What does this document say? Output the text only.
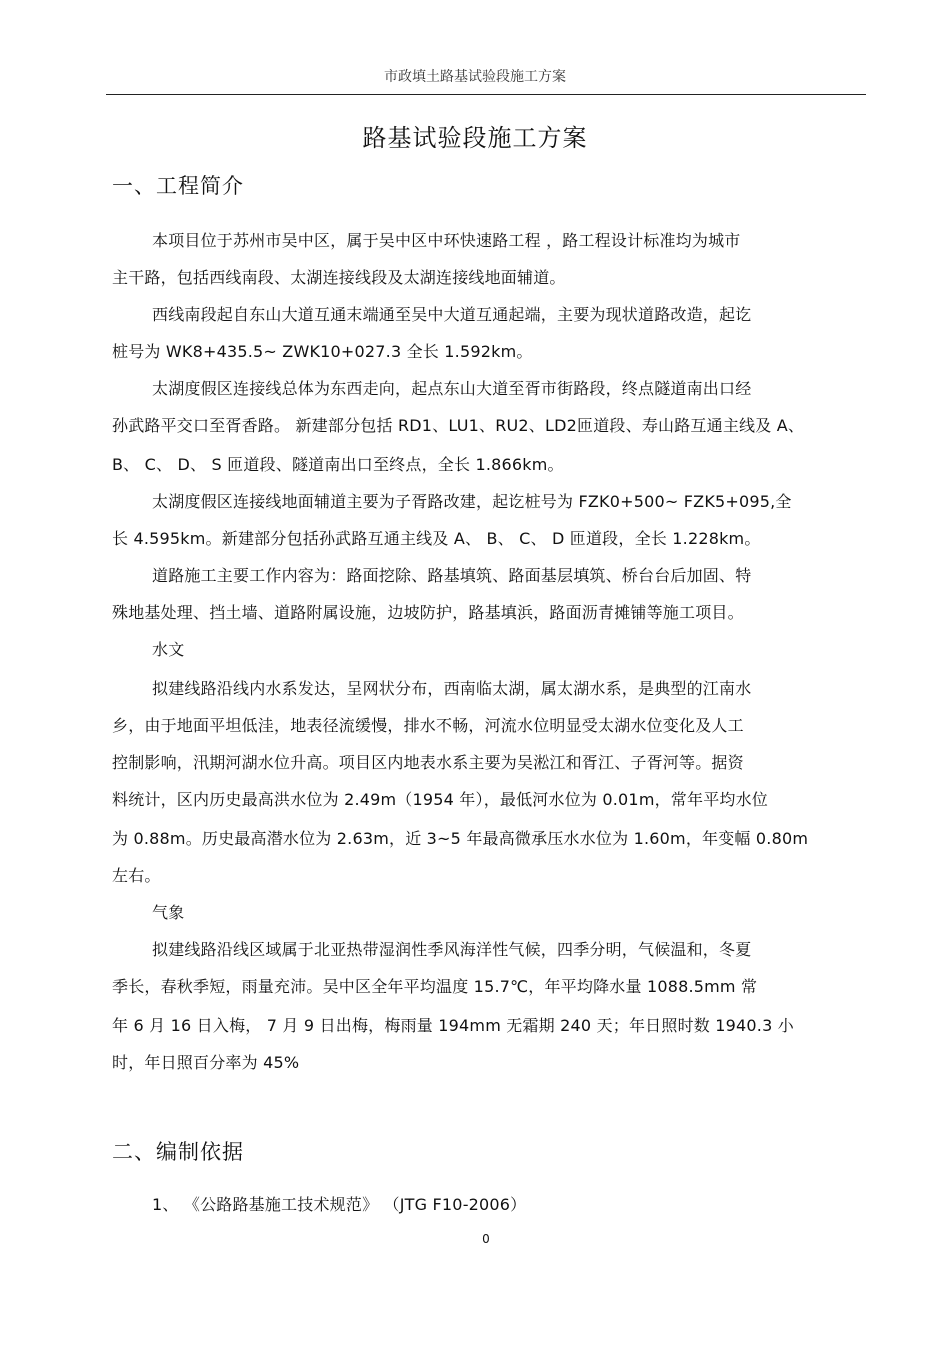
市政填土路基试验段施工方案
路基试验段施工方案
一、工程简介
本项目位于苏州市吴中区，属于吴中区中环快速路工程 ，路工程设计标准均为城市
主干路，包括西线南段、太湖连接线段及太湖连接线地面辅道。
西线南段起自东山大道互通末端通至吴中大道互通起端，主要为现状道路改造，起讫
桩号为 WK8+435.5~ ZWK10+027.3 全长 1.592km。
太湖度假区连接线总体为东西走向，起点东山大道至胥市街路段，终点隧道南出口经
孙武路平交口至胥香路。 新建部分包括 RD1、LU1、RU2、LD2匝道段、寿山路互通主线及 A、
B、 C、 D、 S 匝道段、隧道南出口至终点，全长 1.866km。
太湖度假区连接线地面辅道主要为子胥路改建，起讫桩号为 FZK0+500~ FZK5+095,全
长 4.595km。新建部分包括孙武路互通主线及 A、 B、 C、 D 匝道段，全长 1.228km。
道路施工主要工作内容为：路面挖除、路基填筑、路面基层填筑、桥台台后加固、特
殊地基处理、挡土墙、道路附属设施，边坡防护，路基填浜，路面沥青摊铺等施工项目。
水文
拟建线路沿线内水系发达，呈网状分布，西南临太湖，属太湖水系，是典型的江南水
乡，由于地面平坦低洼，地表径流缓慢，排水不畅，河流水位明显受太湖水位变化及人工
控制影响，汛期河湖水位升高。项目区内地表水系主要为吴淞江和胥江、子胥河等。据资
料统计，区内历史最高洪水位为 2.49m（1954 年），最低河水位为 0.01m，常年平均水位
为 0.88m。历史最高潜水位为 2.63m，近 3~5 年最高微承压水水位为 1.60m，年变幅 0.80m
左右。
气象
拟建线路沿线区域属于北亚热带湿润性季风海洋性气候，四季分明，气候温和，冬夏
季长，春秋季短，雨量充沛。吴中区全年平均温度 15.7℃，年平均降水量 1088.5mm 常
年 6 月 16 日入梅， 7 月 9 日出梅，梅雨量 194mm 无霜期 240 天；年日照时数 1940.3 小
时，年日照百分率为 45%
二、编制依据
1、 《公路路基施工技术规范》 （JTG F10-2006）
0
